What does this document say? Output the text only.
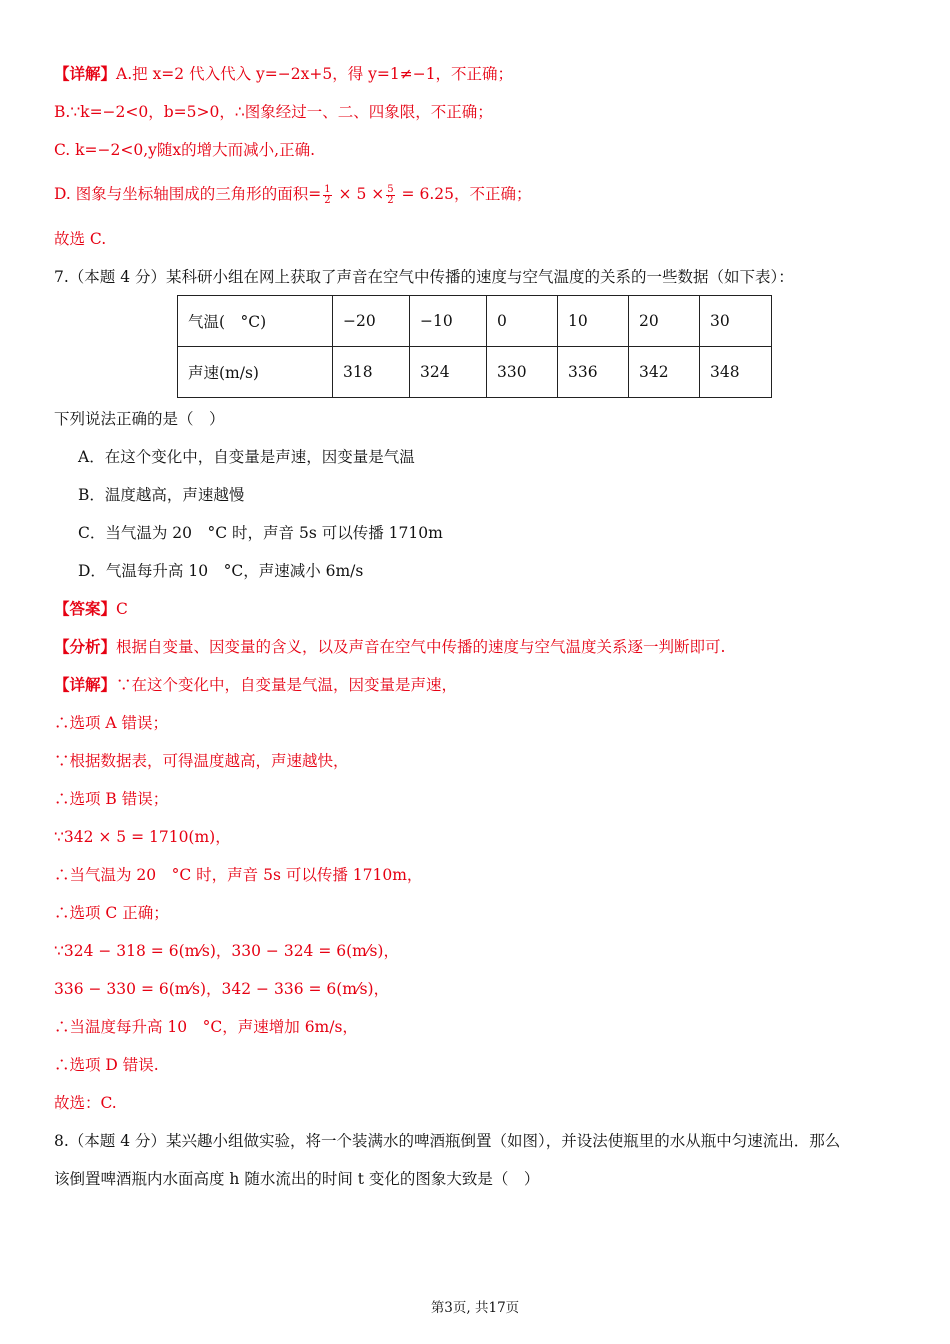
【详解】A.把 x=2 代入代入 y=−2x+5，得 y=1≠−1，不正确；
B.∵k=−2<0，b=5>0，∴图象经过一、二、四象限，不正确；
C. k=−2<0,y随x的增大而减小,正确.
D. 图象与坐标轴围成的三角形的面积= $\frac{1}{2} \times 5 \times \frac{5}{2} = 6.25$，不正确；
故选 C.
7.（本题 4 分）某科研小组在网上获取了声音在空气中传播的速度与空气温度的关系的一些数据（如下表）：
气温(　°C)	−20	−10	0	10	20	30
声速(m/s)	318	324	330	336	342	348
下列说法正确的是（　）
A．在这个变化中，自变量是声速，因变量是气温
B．温度越高，声速越慢
C．当气温为 20　°C 时，声音 5s 可以传播 1710m
D．气温每升高 10　°C，声速减小 6m/s
【答案】C
【分析】根据自变量、因变量的含义，以及声音在空气中传播的速度与空气温度关系逐一判断即可.
【详解】∵在这个变化中，自变量是气温，因变量是声速，
∴选项 A 错误；
∵根据数据表，可得温度越高，声速越快，
∴选项 B 错误；
∵342 × 5 = 1710(m)，
∴当气温为 20　°C 时，声音 5s 可以传播 1710m，
∴选项 C 正确；
∵324 − 318 = 6(m⁄s)，330 − 324 = 6(m⁄s)，
336 − 330 = 6(m⁄s)，342 − 336 = 6(m⁄s)，
∴当温度每升高 10　°C，声速增加 6m/s，
∴选项 D 错误.
故选：C.
8.（本题 4 分）某兴趣小组做实验，将一个装满水的啤酒瓶倒置（如图），并设法使瓶里的水从瓶中匀速流出．那么
该倒置啤酒瓶内水面高度 h 随水流出的时间 t 变化的图象大致是（　）
第3页, 共17页
